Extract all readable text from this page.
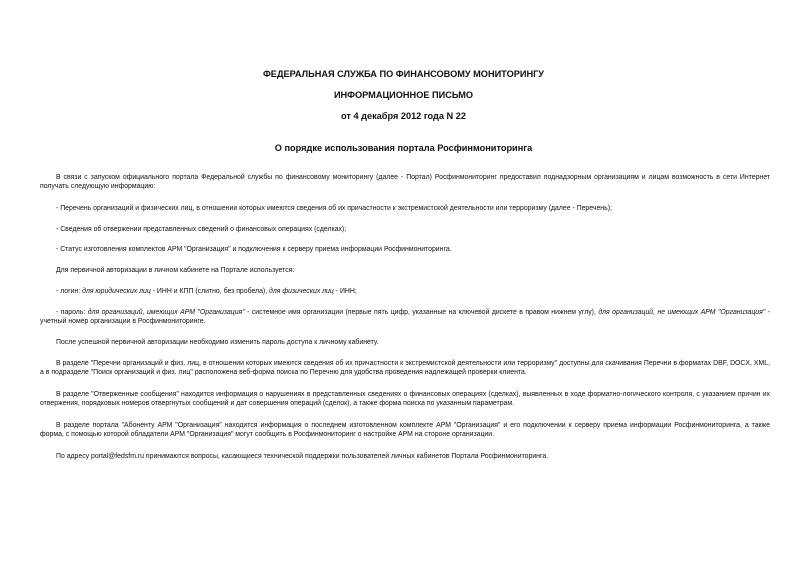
ФЕДЕРАЛЬНАЯ СЛУЖБА ПО ФИНАНСОВОМУ МОНИТОРИНГУ
ИНФОРМАЦИОННОЕ ПИСЬМО
от 4 декабря 2012 года N 22
О порядке использования портала Росфинмониторинга
В связи с запуском официального портала Федеральной службы по финансовому мониторингу (далее - Портал) Росфинмониторинг предоставил поднадзорным организациям и лицам возможность в сети Интернет получать следующую информацию:
- Перечень организаций и физических лиц, в отношении которых имеются сведения об их причастности к экстремистской деятельности или терроризму (далее - Перечень);
- Сведения об отвержении представленных сведений о финансовых операциях (сделках);
- Статус изготовления комплектов АРМ "Организация" и подключения к серверу приема информации Росфинмониторинга.
Для первичной авторизации в личном кабинете на Портале используется:
- логин: для юридических лиц - ИНН и КПП (слитно, без пробела), для физических лиц - ИНН;
- пароль: для организаций, имеющих АРМ "Организация" - системное имя организации (первые пять цифр, указанные на ключевой дискете в правом нижнем углу), для организаций, не имеющих АРМ "Организация" - учетный номер организации в Росфинмониторинге.
После успешной первичной авторизации необходимо изменить пароль доступа к личному кабинету.
В разделе "Перечни организаций и физ. лиц, в отношении которых имеются сведения об их причастности к экстремистской деятельности или терроризму" доступны для скачивания Перечни в форматах DBF, DOCX, XML, а в подразделе "Поиск организаций и физ. лиц" расположена веб-форма поиска по Перечню для удобства проведения надлежащей проверки клиента.
В разделе "Отверженные сообщения" находится информация о нарушениях в представленных сведениях о финансовых операциях (сделках), выявленных в ходе форматно-логического контроля, с указанием причин их отвержения, порядковых номеров отвергнутых сообщений и дат совершения операций (сделок), а также форма поиска по указанным параметрам.
В разделе портала "Абоненту АРМ "Организация" находится информация о последнем изготовленном комплекте АРМ "Организация" и его подключении к серверу приема информации Росфинмониторинга, а также форма, с помощью которой обладатели АРМ "Организация" могут сообщить в Росфинмониторинг о настройке АРМ на стороне организации.
По адресу portal@fedsfm.ru принимаются вопросы, касающиеся технической поддержки пользователей личных кабинетов Портала Росфинмониторинга.
